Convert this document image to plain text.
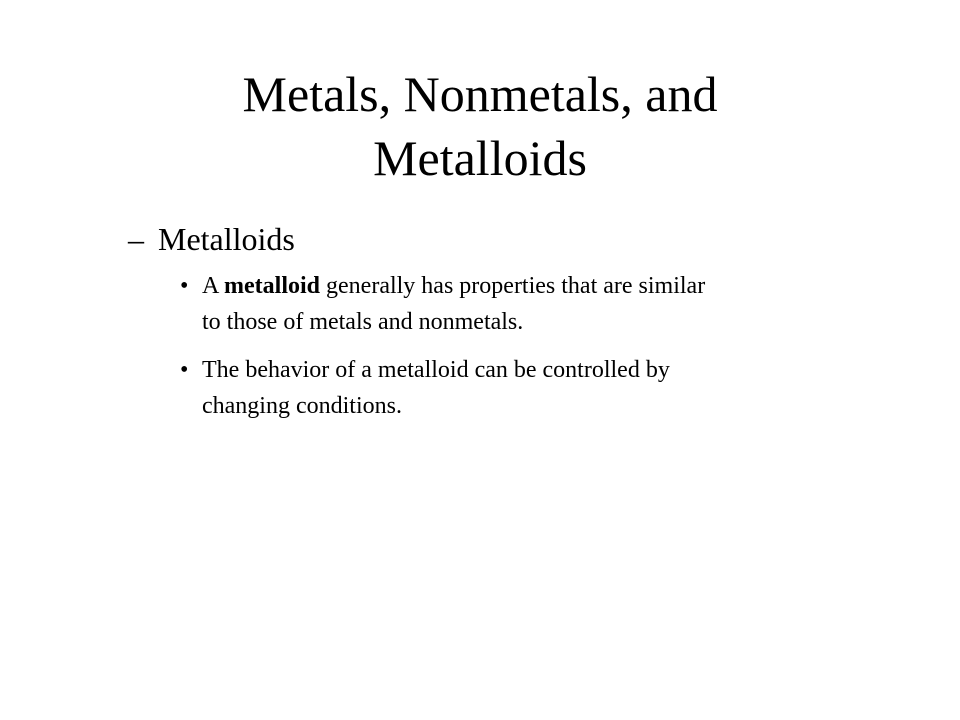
Metals, Nonmetals, and
Metalloids
– Metalloids
• A metalloid generally has properties that are similar
to those of metals and nonmetals.
• The behavior of a metalloid can be controlled by
changing conditions.
